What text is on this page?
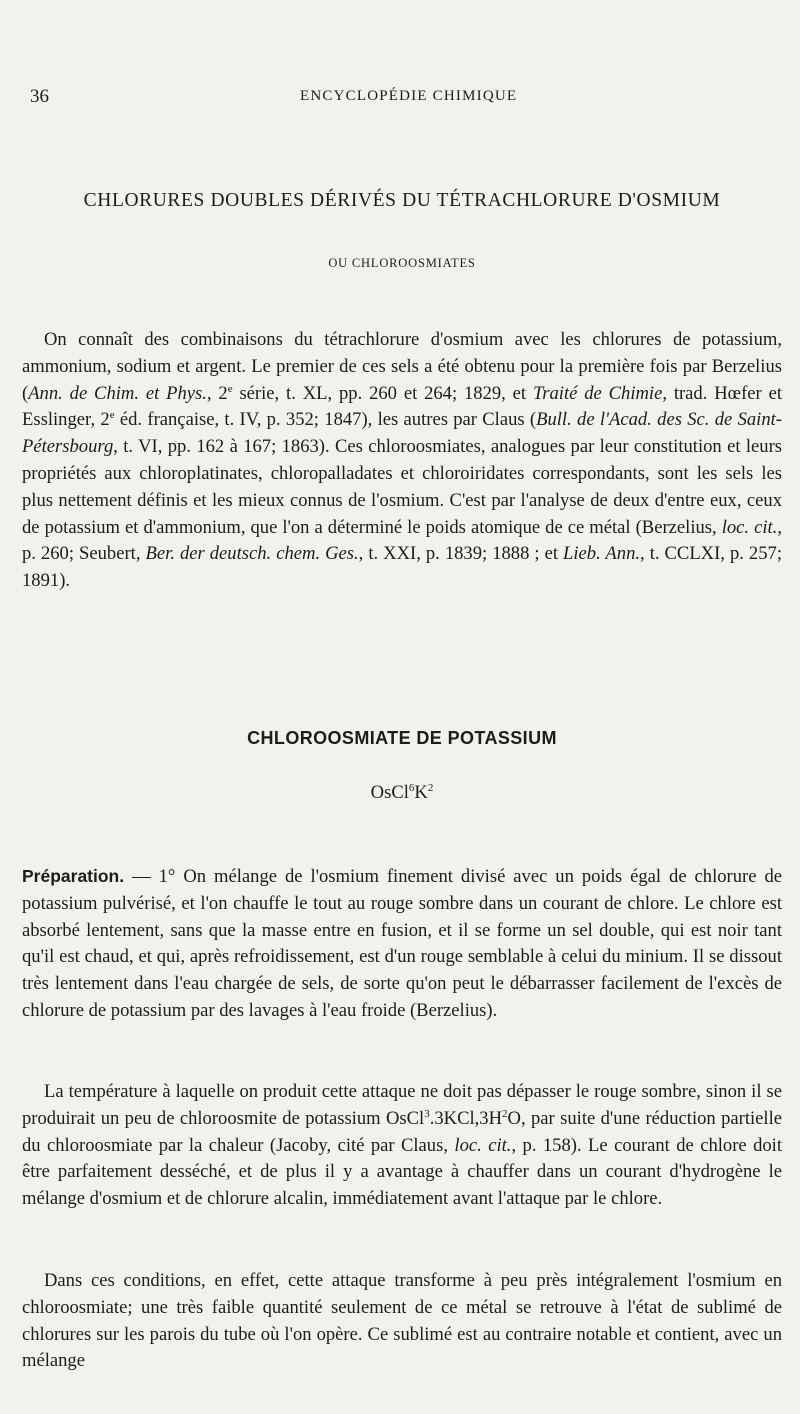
36	ENCYCLOPÉDIE CHIMIQUE
CHLORURES DOUBLES DÉRIVÉS DU TÉTRACHLORURE D'OSMIUM
OU CHLOROOSMIATES

On connaît des combinaisons du tétrachlorure d'osmium avec les chlorures de potassium, ammonium, sodium et argent. Le premier de ces sels a été obtenu pour la première fois par Berzelius (Ann. de Chim. et Phys., 2e série, t. XL, pp. 260 et 264; 1829, et Traité de Chimie, trad. Hœfer et Esslinger, 2e éd. française, t. IV, p. 352; 1847), les autres par Claus (Bull. de l'Acad. des Sc. de Saint-Pétersbourg, t. VI, pp. 162 à 167; 1863). Ces chloroosmiates, analogues par leur constitution et leurs propriétés aux chloroplatinates, chloropalladates et chloroiridates correspondants, sont les sels les plus nettement définis et les mieux connus de l'osmium. C'est par l'analyse de deux d'entre eux, ceux de potassium et d'ammonium, que l'on a déterminé le poids atomique de ce métal (Berzelius, loc. cit., p. 260; Seubert, Ber. der deutsch. chem. Ges., t. XXI, p. 1839; 1888 ; et Lieb. Ann., t. CCLXI, p. 257; 1891).

CHLOROOSMIATE DE POTASSIUM
$OsCl^6K^2$

Préparation. — 1° On mélange de l'osmium finement divisé avec un poids égal de chlorure de potassium pulvérisé, et l'on chauffe le tout au rouge sombre dans un courant de chlore. Le chlore est absorbé lentement, sans que la masse entre en fusion, et il se forme un sel double, qui est noir tant qu'il est chaud, et qui, après refroidissement, est d'un rouge semblable à celui du minium. Il se dissout très lentement dans l'eau chargée de sels, de sorte qu'on peut le débarrasser facilement de l'excès de chlorure de potassium par des lavages à l'eau froide (Berzelius).

La température à laquelle on produit cette attaque ne doit pas dépasser le rouge sombre, sinon il se produirait un peu de chloroosmite de potassium $OsCl^3.3KCl,3H^2O$, par suite d'une réduction partielle du chloroosmiate par la chaleur (Jacoby, cité par Claus, loc. cit., p. 158). Le courant de chlore doit être parfaitement desséché, et de plus il y a avantage à chauffer dans un courant d'hydrogène le mélange d'osmium et de chlorure alcalin, immédiatement avant l'attaque par le chlore.

Dans ces conditions, en effet, cette attaque transforme à peu près intégralement l'osmium en chloroosmiate; une très faible quantité seulement de ce métal se retrouve à l'état de sublimé de chlorures sur les parois du tube où l'on opère. Ce sublimé est au contraire notable et contient, avec un mélange
